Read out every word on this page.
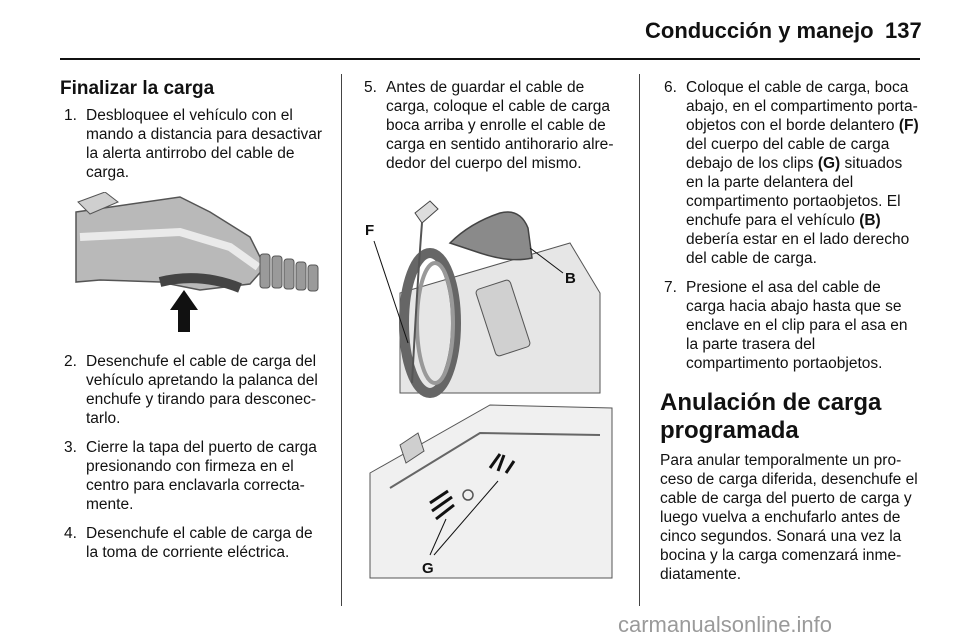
Conducción y manejo 137
Finalizar la carga
1. Desbloquee el vehículo con el mando a distancia para desactivar la alerta antirrobo del cable de carga.
2. Desenchufe el cable de carga del vehículo apretando la palanca del enchufe y tirando para desconectarlo.
3. Cierre la tapa del puerto de carga presionando con firmeza en el centro para enclavarla correctamente.
4. Desenchufe el cable de carga de la toma de corriente eléctrica.
5. Antes de guardar el cable de carga, coloque el cable de carga boca arriba y enrolle el cable de carga en sentido antihorario alrededor del cuerpo del mismo.
F
B
G
6. Coloque el cable de carga, boca abajo, en el compartimento portaobjetos con el borde delantero (F) del cuerpo del cable de carga debajo de los clips (G) situados en la parte delantera del compartimento portaobjetos. El enchufe para el vehículo (B) debería estar en el lado derecho del cable de carga.
7. Presione el asa del cable de carga hacia abajo hasta que se enclave en el clip para el asa en la parte trasera del compartimento portaobjetos.
Anulación de carga programada
Para anular temporalmente un proceso de carga diferida, desenchufe el cable de carga del puerto de carga y luego vuelva a enchufarlo antes de cinco segundos. Sonará una vez la bocina y la carga comenzará inmediatamente.
carmanualsonline.info
